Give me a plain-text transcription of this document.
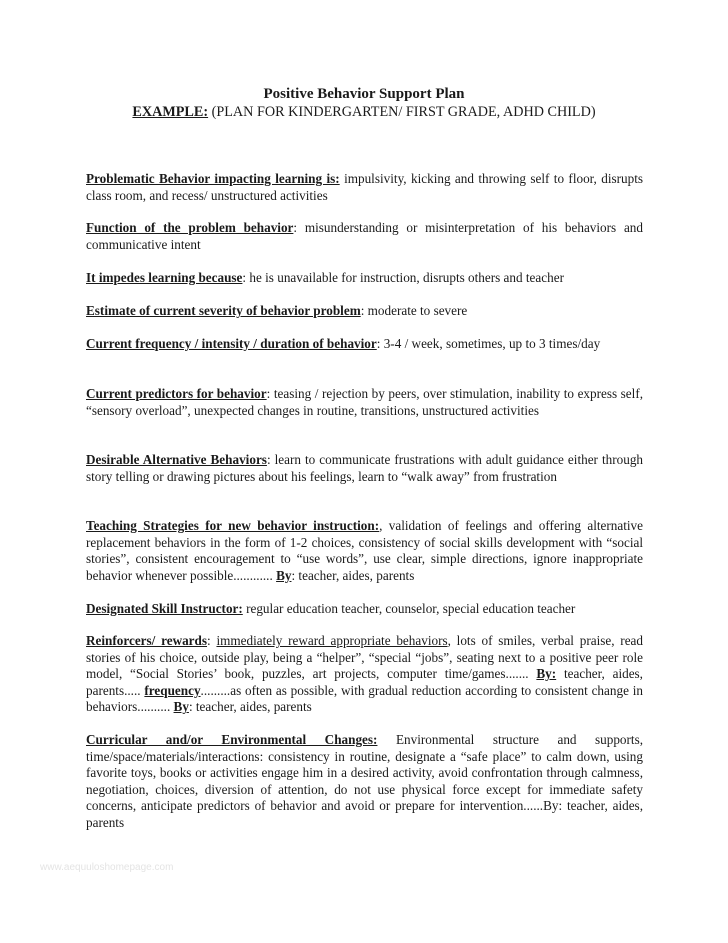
Positive Behavior Support Plan
EXAMPLE: (PLAN FOR KINDERGARTEN/ FIRST GRADE, ADHD CHILD)
Problematic Behavior impacting learning is: impulsivity, kicking and throwing self to floor, disrupts class room, and recess/ unstructured activities
Function of the problem behavior: misunderstanding or misinterpretation of his behaviors and communicative intent
It impedes learning because: he is unavailable for instruction, disrupts others and teacher
Estimate of current severity of behavior problem: moderate to severe
Current frequency / intensity / duration of behavior: 3-4 / week, sometimes, up to 3 times/day
Current predictors for behavior: teasing / rejection by peers, over stimulation, inability to express self, “sensory overload”, unexpected changes in routine, transitions, unstructured activities
Desirable Alternative Behaviors: learn to communicate frustrations with adult guidance either through story telling or drawing pictures about his feelings, learn to “walk away” from frustration
Teaching Strategies for new behavior instruction:, validation of feelings and offering alternative replacement behaviors in the form of 1-2 choices, consistency of social skills development with “social stories”, consistent encouragement to “use words”, use clear, simple directions, ignore inappropriate behavior whenever possible............ By: teacher, aides, parents
Designated Skill Instructor: regular education teacher, counselor, special education teacher
Reinforcers/ rewards: immediately reward appropriate behaviors, lots of smiles, verbal praise, read stories of his choice, outside play, being a “helper”, “special “jobs”, seating next to a positive peer role model, “Social Stories’ book, puzzles, art projects, computer time/games....... By: teacher, aides, parents..... frequency.........as often as possible, with gradual reduction according to consistent change in behaviors.......... By: teacher, aides, parents
Curricular and/or Environmental Changes: Environmental structure and supports, time/space/materials/interactions: consistency in routine, designate a “safe place” to calm down, using favorite toys, books or activities engage him in a desired activity, avoid confrontation through calmness, negotiation, choices, diversion of attention, do not use physical force except for immediate safety concerns, anticipate predictors of behavior and avoid or prepare for intervention......By: teacher, aides, parents
www.aequuloshomepage.com
